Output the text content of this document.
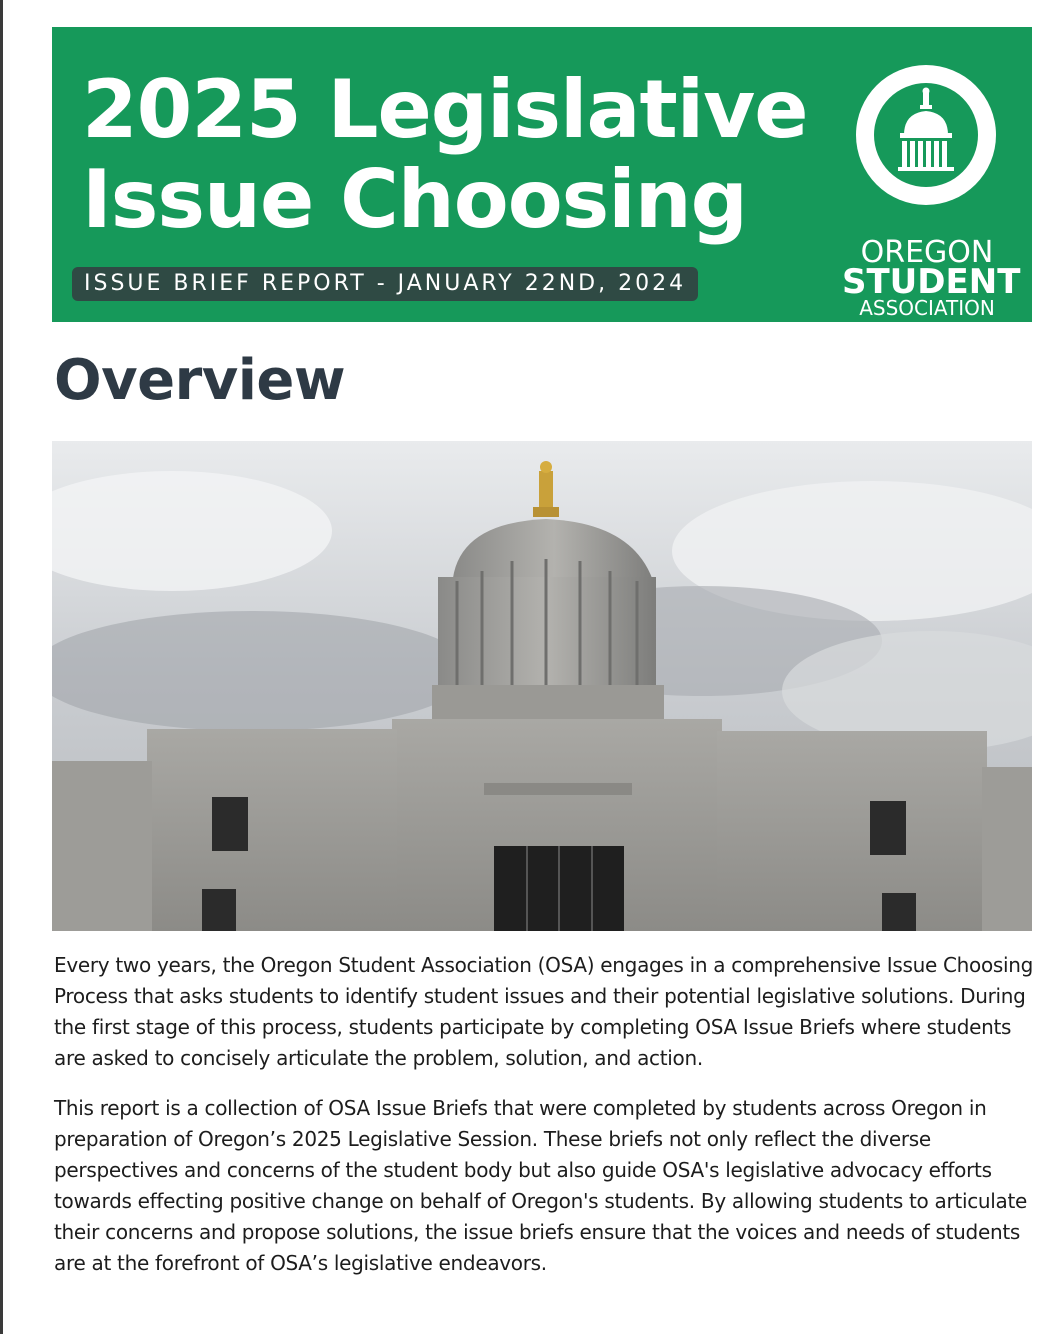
2025 Legislative
Issue Choosing
ISSUE BRIEF REPORT - JANUARY 22ND, 2024
OREGON
STUDENT
ASSOCIATION
Overview

Every two years, the Oregon Student Association (OSA) engages in a comprehensive Issue Choosing Process that asks students to identify student issues and their potential legislative solutions. During the first stage of this process, students participate by completing OSA Issue Briefs where students are asked to concisely articulate the problem, solution, and action.

This report is a collection of OSA Issue Briefs that were completed by students across Oregon in preparation of Oregon’s 2025 Legislative Session. These briefs not only reflect the diverse perspectives and concerns of the student body but also guide OSA's legislative advocacy efforts towards effecting positive change on behalf of Oregon's students. By allowing students to articulate their concerns and propose solutions, the issue briefs ensure that the voices and needs of students are at the forefront of OSA’s legislative endeavors.
